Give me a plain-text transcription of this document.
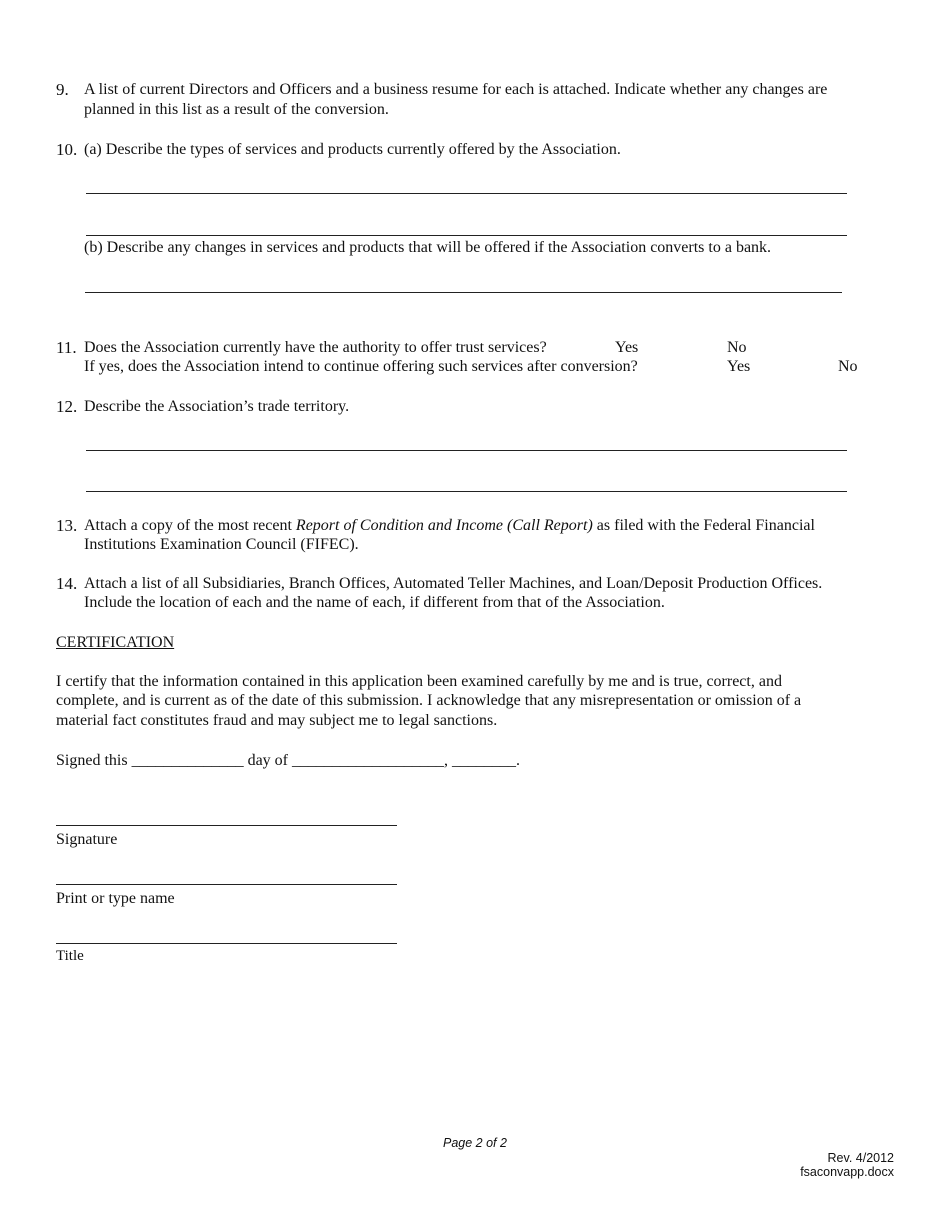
9. A list of current Directors and Officers and a business resume for each is attached. Indicate whether any changes are
planned in this list as a result of the conversion.
10. (a) Describe the types of services and products currently offered by the Association.
(b) Describe any changes in services and products that will be offered if the Association converts to a bank.
11. Does the Association currently have the authority to offer trust services?	Yes	No
If yes, does the Association intend to continue offering such services after conversion?	Yes	No
12. Describe the Association’s trade territory.
13. Attach a copy of the most recent Report of Condition and Income (Call Report) as filed with the Federal Financial
Institutions Examination Council (FIFEC).
14. Attach a list of all Subsidiaries, Branch Offices, Automated Teller Machines, and Loan/Deposit Production Offices.
Include the location of each and the name of each, if different from that of the Association.
CERTIFICATION
I certify that the information contained in this application been examined carefully by me and is true, correct, and
complete, and is current as of the date of this submission. I acknowledge that any misrepresentation or omission of a
material fact constitutes fraud and may subject me to legal sanctions.
Signed this ______________ day of ___________________, ________.
Signature
Print or type name
Title
Page 2 of 2
Rev. 4/2012
fsaconvapp.docx
